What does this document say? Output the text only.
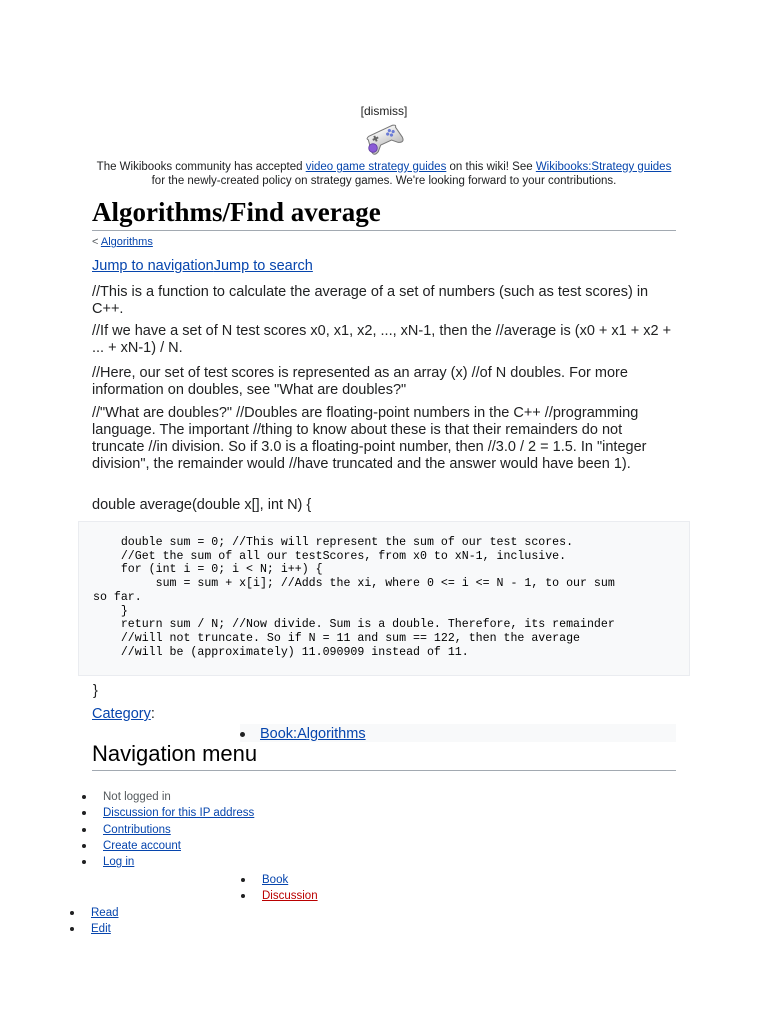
[dismiss]
The Wikibooks community has accepted video game strategy guides on this wiki! See Wikibooks:Strategy guides for the newly-created policy on strategy games. We're looking forward to your contributions.
Algorithms/Find average
< Algorithms
Jump to navigationJump to search
//This is a function to calculate the average of a set of numbers (such as test scores) in C++.
//If we have a set of N test scores x0, x1, x2, ..., xN-1, then the //average is (x0 + x1 + x2 + ... + xN-1) / N.
//Here, our set of test scores is represented as an array (x) //of N doubles. For more information on doubles, see "What are doubles?"
//"What are doubles?" //Doubles are floating-point numbers in the C++ //programming language. The important //thing to know about these is that their remainders do not truncate //in division. So if 3.0 is a floating-point number, then //3.0 / 2 = 1.5. In "integer division", the remainder would //have truncated and the answer would have been 1).
double average(double x[], int N) {
double sum = 0; //This will represent the sum of our test scores.
//Get the sum of all our testScores, from x0 to xN-1, inclusive.
for (int i = 0; i < N; i++) {
sum = sum + x[i]; //Adds the xi, where 0 <= i <= N - 1, to our sum
so far.
}
return sum / N; //Now divide. Sum is a double. Therefore, its remainder
//will not truncate. So if N = 11 and sum == 122, then the average
//will be (approximately) 11.090909 instead of 11.
}
Category:
Book:Algorithms
Navigation menu
Not logged in
Discussion for this IP address
Contributions
Create account
Log in
Book
Discussion
Read
Edit
